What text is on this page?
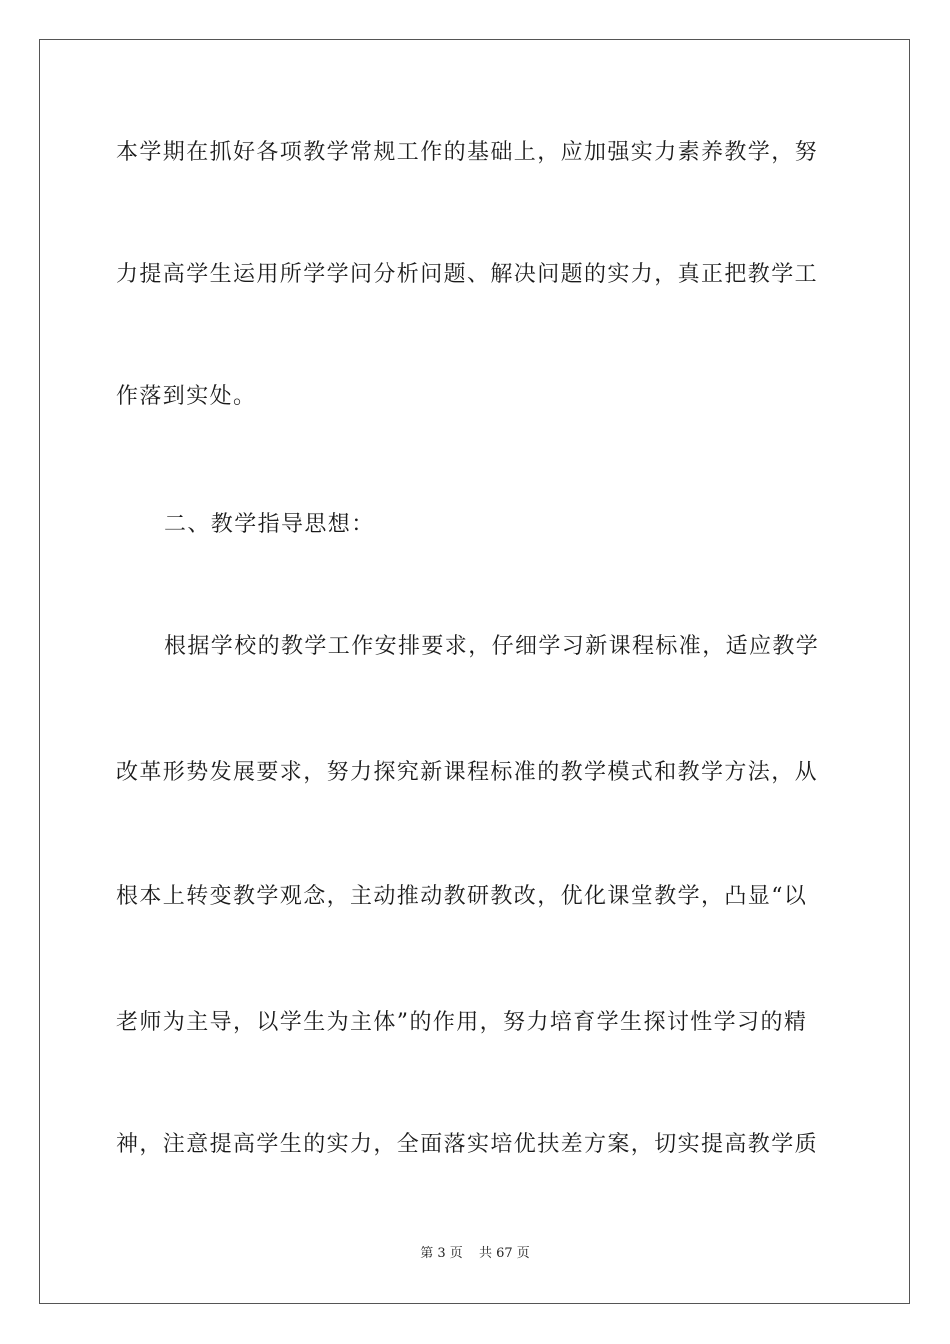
本学期在抓好各项教学常规工作的基础上，应加强实力素养教学，努
力提高学生运用所学学问分析问题、解决问题的实力，真正把教学工
作落到实处。
二、教学指导思想：
根据学校的教学工作安排要求，仔细学习新课程标准，适应教学
改革形势发展要求，努力探究新课程标准的教学模式和教学方法，从
根本上转变教学观念，主动推动教研教改，优化课堂教学，凸显“以
老师为主导，以学生为主体”的作用，努力培育学生探讨性学习的精
神，注意提高学生的实力，全面落实培优扶差方案，切实提高教学质
第 3 页 共 67 页
